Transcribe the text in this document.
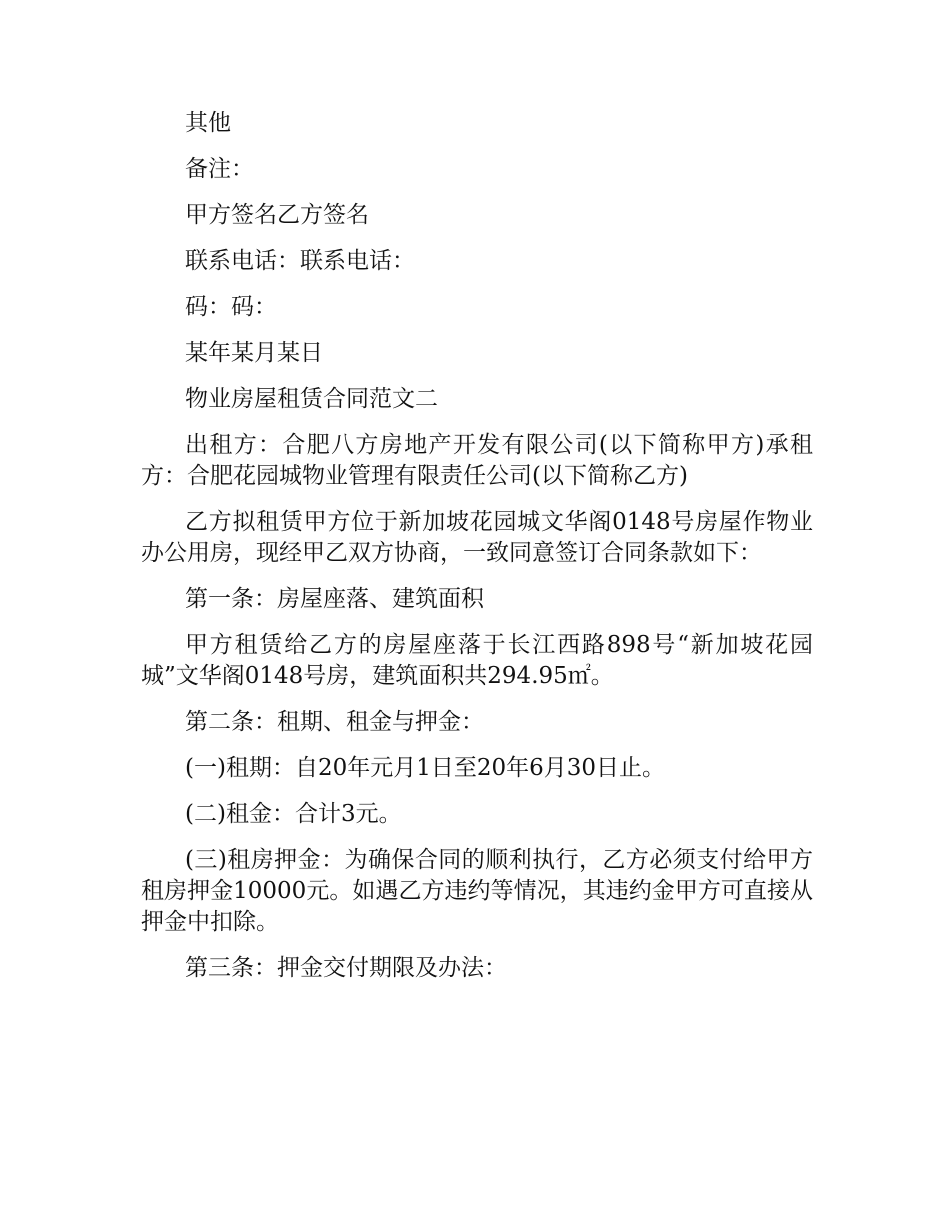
其他

备注：

甲方签名乙方签名

联系电话：联系电话：

码：码：

某年某月某日

物业房屋租赁合同范文二

出租方：合肥八方房地产开发有限公司(以下简称甲方)承租方：合肥花园城物业管理有限责任公司(以下简称乙方)

乙方拟租赁甲方位于新加坡花园城文华阁0148号房屋作物业办公用房，现经甲乙双方协商，一致同意签订合同条款如下：

第一条：房屋座落、建筑面积

甲方租赁给乙方的房屋座落于长江西路898号“新加坡花园城”文华阁0148号房，建筑面积共294.95㎡。

第二条：租期、租金与押金：

(一)租期：自20年元月1日至20年6月30日止。

(二)租金：合计3元。

(三)租房押金：为确保合同的顺利执行，乙方必须支付给甲方租房押金10000元。如遇乙方违约等情况，其违约金甲方可直接从押金中扣除。

第三条：押金交付期限及办法：
